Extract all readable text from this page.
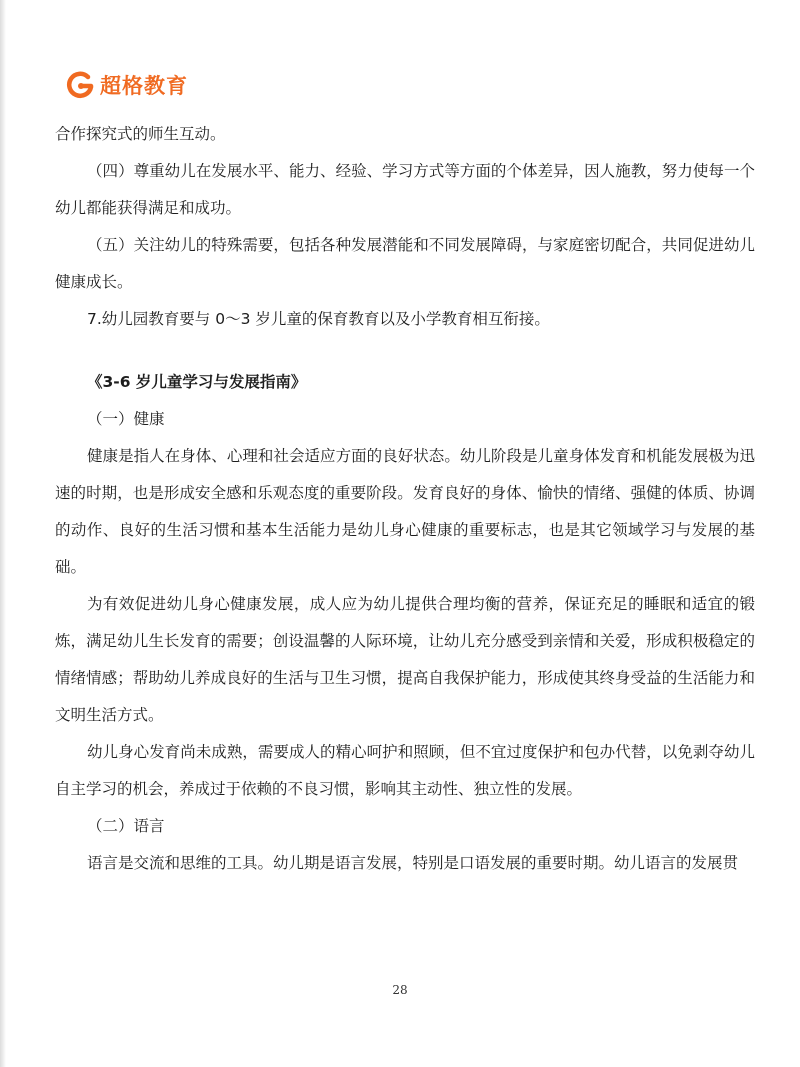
超格教育

合作探究式的师生互动。

（四）尊重幼儿在发展水平、能力、经验、学习方式等方面的个体差异，因人施教，努力使每一个幼儿都能获得满足和成功。

（五）关注幼儿的特殊需要，包括各种发展潜能和不同发展障碍，与家庭密切配合，共同促进幼儿健康成长。

7.幼儿园教育要与 0～3 岁儿童的保育教育以及小学教育相互衔接。

《3-6 岁儿童学习与发展指南》

（一）健康

健康是指人在身体、心理和社会适应方面的良好状态。幼儿阶段是儿童身体发育和机能发展极为迅速的时期，也是形成安全感和乐观态度的重要阶段。发育良好的身体、愉快的情绪、强健的体质、协调的动作、良好的生活习惯和基本生活能力是幼儿身心健康的重要标志，也是其它领域学习与发展的基础。

为有效促进幼儿身心健康发展，成人应为幼儿提供合理均衡的营养，保证充足的睡眠和适宜的锻炼，满足幼儿生长发育的需要；创设温馨的人际环境，让幼儿充分感受到亲情和关爱，形成积极稳定的情绪情感；帮助幼儿养成良好的生活与卫生习惯，提高自我保护能力，形成使其终身受益的生活能力和文明生活方式。

幼儿身心发育尚未成熟，需要成人的精心呵护和照顾，但不宜过度保护和包办代替，以免剥夺幼儿自主学习的机会，养成过于依赖的不良习惯，影响其主动性、独立性的发展。

（二）语言

语言是交流和思维的工具。幼儿期是语言发展，特别是口语发展的重要时期。幼儿语言的发展贯

28
